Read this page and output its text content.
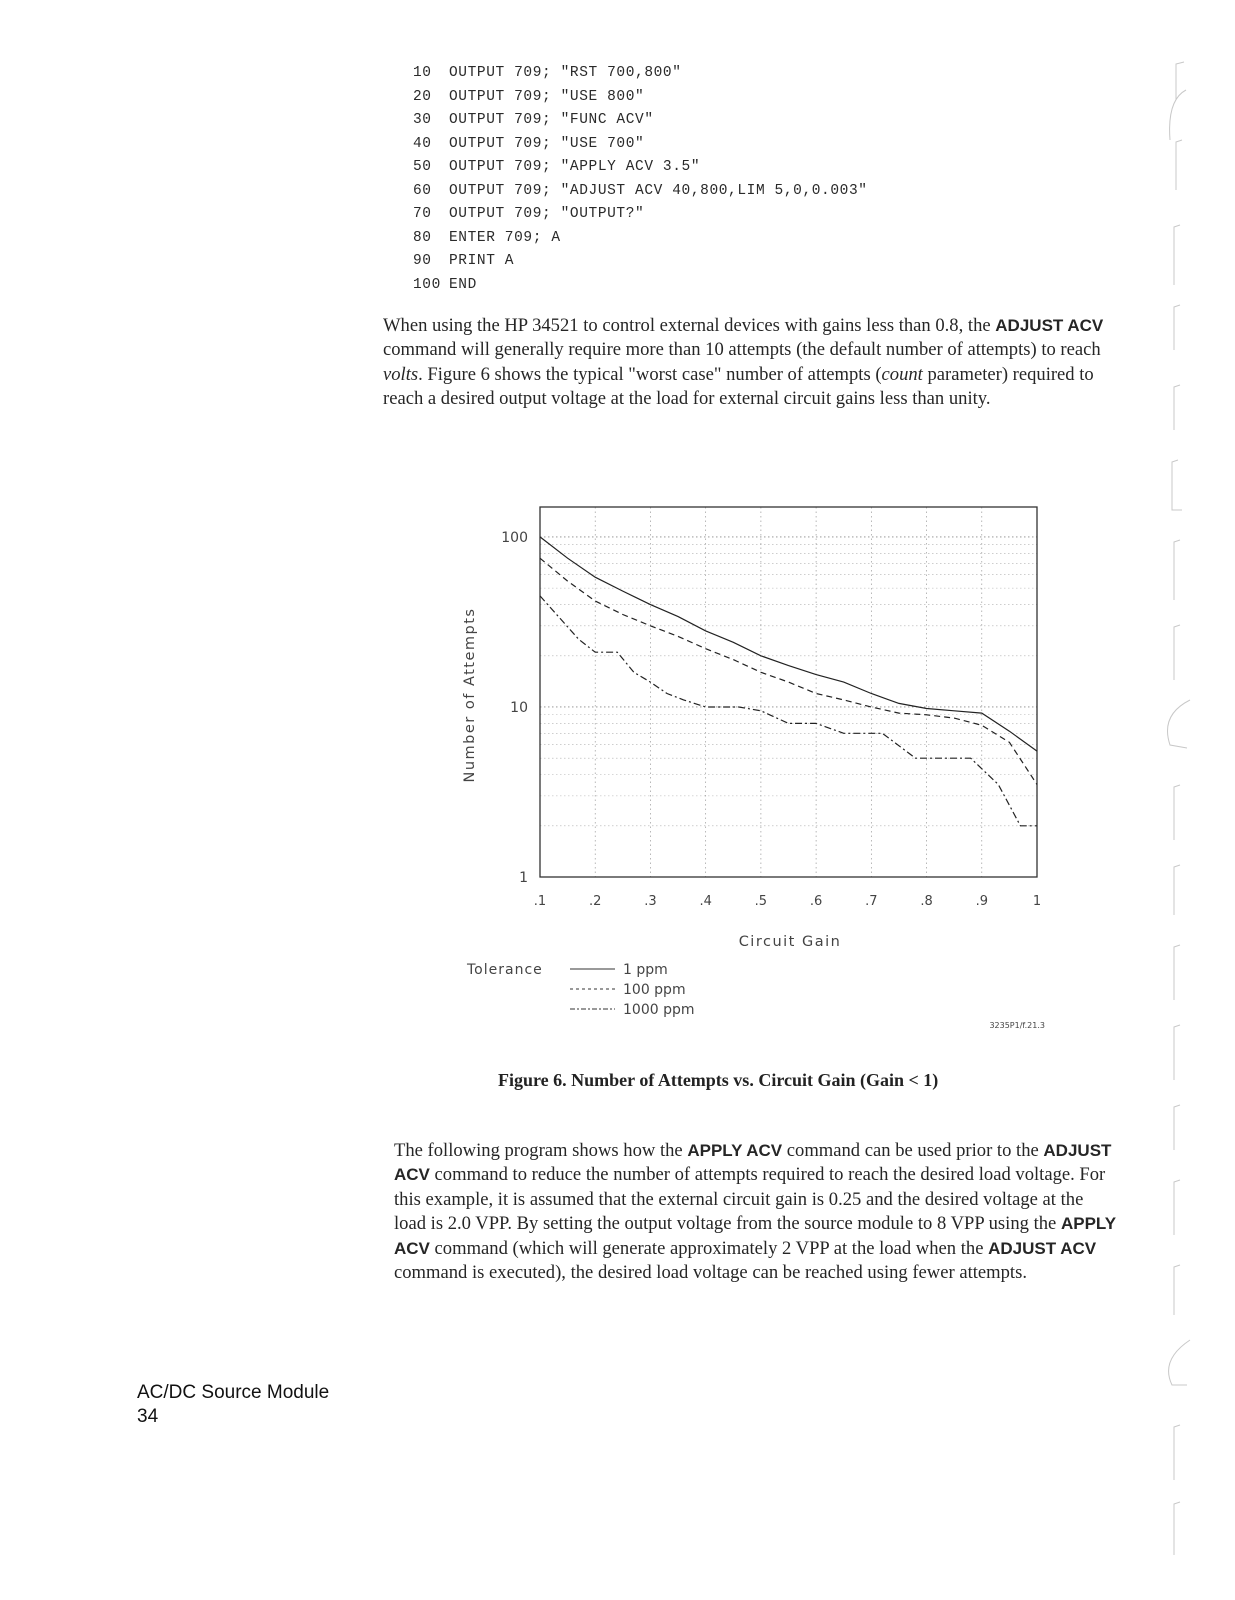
10 OUTPUT 709; "RST 700,800"
20 OUTPUT 709; "USE 800"
30 OUTPUT 709; "FUNC ACV"
40 OUTPUT 709; "USE 700"
50 OUTPUT 709; "APPLY ACV 3.5"
60 OUTPUT 709; "ADJUST ACV 40,800,LIM 5,0,0.003"
70 OUTPUT 709; "OUTPUT?"
80 ENTER 709; A
90 PRINT A
100 END

When using the HP 34521 to control external devices with gains less than 0.8, the ADJUST ACV command will generally require more than 10 attempts (the default number of attempts) to reach volts. Figure 6 shows the typical "worst case" number of attempts (count parameter) required to reach a desired output voltage at the load for external circuit gains less than unity.

100
10
1
.1	.2	.3	.4	.5	.6	.7	.8	.9	1
Number of Attempts
Circuit Gain
Tolerance	1 ppm
100 ppm
1000 ppm
3235P1/f.21.3
Figure 6. Number of Attempts vs. Circuit Gain (Gain < 1)

The following program shows how the APPLY ACV command can be used prior to the ADJUST ACV command to reduce the number of attempts required to reach the desired load voltage. For this example, it is assumed that the external circuit gain is 0.25 and the desired voltage at the load is 2.0 VPP. By setting the output voltage from the source module to 8 VPP using the APPLY ACV command (which will generate approximately 2 VPP at the load when the ADJUST ACV command is executed), the desired load voltage can be reached using fewer attempts.

AC/DC Source Module
34
